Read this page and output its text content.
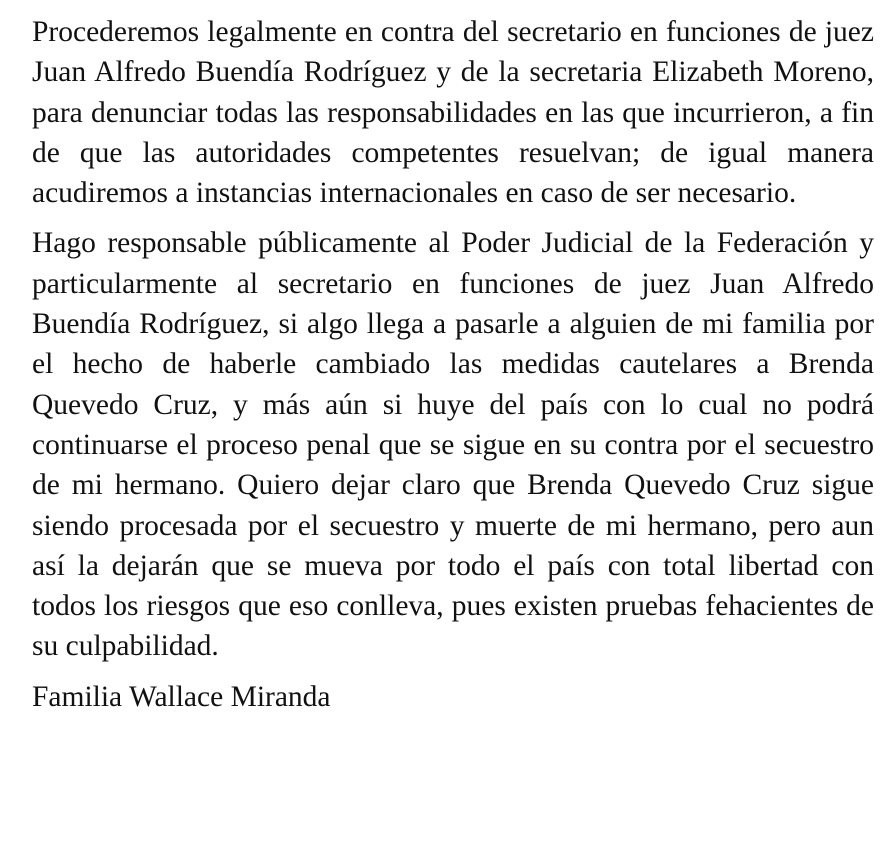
Procederemos legalmente en contra del secretario en funciones de juez Juan Alfredo Buendía Rodríguez y de la secretaria Elizabeth Moreno, para denunciar todas las responsabilidades en las que incurrieron, a fin de que las autoridades competentes resuelvan; de igual manera acudiremos a instancias internacionales en caso de ser necesario.

Hago responsable públicamente al Poder Judicial de la Federación y particularmente al secretario en funciones de juez Juan Alfredo Buendía Rodríguez, si algo llega a pasarle a alguien de mi familia por el hecho de haberle cambiado las medidas cautelares a Brenda Quevedo Cruz, y más aún si huye del país con lo cual no podrá continuarse el proceso penal que se sigue en su contra por el secuestro de mi hermano. Quiero dejar claro que Brenda Quevedo Cruz sigue siendo procesada por el secuestro y muerte de mi hermano, pero aun así la dejarán que se mueva por todo el país con total libertad con todos los riesgos que eso conlleva, pues existen pruebas fehacientes de su culpabilidad.

Familia Wallace Miranda
